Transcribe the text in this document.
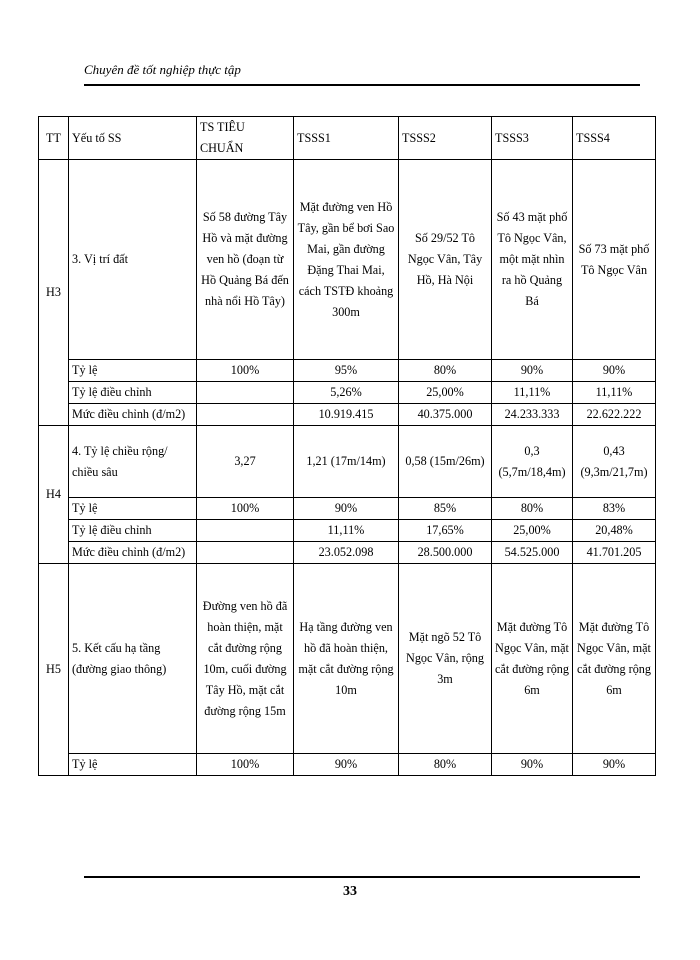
Chuyên đề tốt nghiệp thực tập
TT	Yếu tố SS	TS TIÊU CHUẨN	TSSS1	TSSS2	TSSS3	TSSS4
H3	3. Vị trí đất	Số 58 đường Tây Hồ và mặt đường ven hồ (đoạn từ Hồ Quảng Bá đến nhà nổi Hồ Tây)	Mặt đường ven Hồ Tây, gần bể bơi Sao Mai, gần đường Đặng Thai Mai, cách TSTĐ khoảng 300m	Số 29/52 Tô Ngọc Vân, Tây Hồ, Hà Nội	Số 43 mặt phố Tô Ngọc Vân, một mặt nhìn ra hồ Quảng Bá	Số 73 mặt phố Tô Ngọc Vân
	Tỷ lệ	100%	95%	80%	90%	90%
	Tỷ lệ điều chỉnh		5,26%	25,00%	11,11%	11,11%
	Mức điều chỉnh (đ/m2)		10.919.415	40.375.000	24.233.333	22.622.222
H4	4. Tỷ lệ chiều rộng/ chiều sâu	3,27	1,21 (17m/14m)	0,58 (15m/26m)	0,3 (5,7m/18,4m)	0,43 (9,3m/21,7m)
	Tỷ lệ	100%	90%	85%	80%	83%
	Tỷ lệ điều chỉnh		11,11%	17,65%	25,00%	20,48%
	Mức điều chỉnh (đ/m2)		23.052.098	28.500.000	54.525.000	41.701.205
H5	5. Kết cấu hạ tầng (đường giao thông)	Đường ven hồ đã hoàn thiện, mặt cắt đường rộng 10m, cuối đường Tây Hồ, mặt cắt đường rộng 15m	Hạ tầng đường ven hồ đã hoàn thiện, mặt cắt đường rộng 10m	Mặt ngõ 52 Tô Ngọc Vân, rộng 3m	Mặt đường Tô Ngọc Vân, mặt cắt đường rộng 6m	Mặt đường Tô Ngọc Vân, mặt cắt đường rộng 6m
	Tỷ lệ	100%	90%	80%	90%	90%
33
